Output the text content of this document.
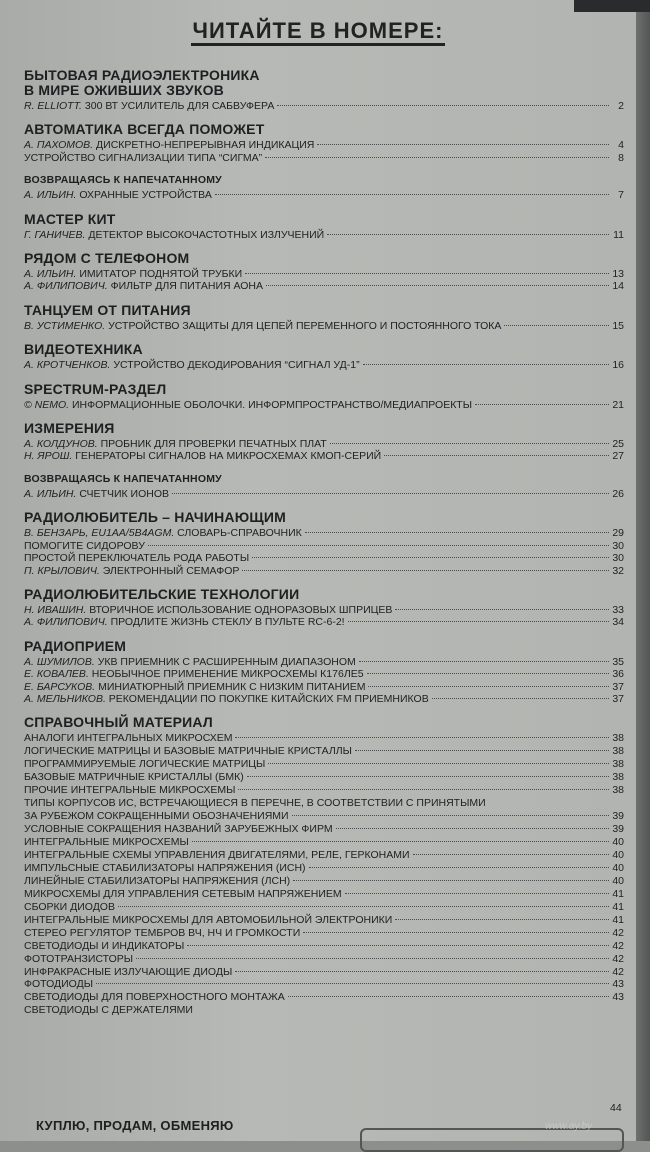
ЧИТАЙТЕ В НОМЕРЕ:
БЫТОВАЯ РАДИОЭЛЕКТРОНИКА
В МИРЕ ОЖИВШИХ ЗВУКОВ
R. ELLIOTT. 300 ВТ УСИЛИТЕЛЬ ДЛЯ САБВУФЕРА	2
АВТОМАТИКА ВСЕГДА ПОМОЖЕТ
А. ПАХОМОВ. ДИСКРЕТНО-НЕПРЕРЫВНАЯ ИНДИКАЦИЯ	4
УСТРОЙСТВО СИГНАЛИЗАЦИИ ТИПА “СИГМА”	8
ВОЗВРАЩАЯСЬ К НАПЕЧАТАННОМУ
А. ИЛЬИН. ОХРАННЫЕ УСТРОЙСТВА	7
МАСТЕР КИТ
Г. ГАНИЧЕВ. ДЕТЕКТОР ВЫСОКОЧАСТОТНЫХ ИЗЛУЧЕНИЙ	11
РЯДОМ С ТЕЛЕФОНОМ
А. ИЛЬИН. ИМИТАТОР ПОДНЯТОЙ ТРУБКИ	13
А. ФИЛИПОВИЧ. ФИЛЬТР ДЛЯ ПИТАНИЯ АОНА	14
ТАНЦУЕМ ОТ ПИТАНИЯ
В. УСТИМЕНКО. УСТРОЙСТВО ЗАЩИТЫ ДЛЯ ЦЕПЕЙ ПЕРЕМЕННОГО И ПОСТОЯННОГО ТОКА	15
ВИДЕОТЕХНИКА
А. КРОТЧЕНКОВ. УСТРОЙСТВО ДЕКОДИРОВАНИЯ “СИГНАЛ УД-1”	16
SPECTRUM-РАЗДЕЛ
© NEMO. ИНФОРМАЦИОННЫЕ ОБОЛОЧКИ. ИНФОРМПРОСТРАНСТВО/МЕДИАПРОЕКТЫ	21
ИЗМЕРЕНИЯ
А. КОЛДУНОВ. ПРОБНИК ДЛЯ ПРОВЕРКИ ПЕЧАТНЫХ ПЛАТ	25
Н. ЯРОШ. ГЕНЕРАТОРЫ СИГНАЛОВ НА МИКРОСХЕМАХ КМОП-СЕРИЙ	27
ВОЗВРАЩАЯСЬ К НАПЕЧАТАННОМУ
А. ИЛЬИН. СЧЕТЧИК ИОНОВ	26
РАДИОЛЮБИТЕЛЬ – НАЧИНАЮЩИМ
В. БЕНЗАРЬ, EU1AA/5B4AGM. СЛОВАРЬ-СПРАВОЧНИК	29
ПОМОГИТЕ СИДОРОВУ	30
ПРОСТОЙ ПЕРЕКЛЮЧАТЕЛЬ РОДА РАБОТЫ	30
П. КРЫЛОВИЧ. ЭЛЕКТРОННЫЙ СЕМАФОР	32
РАДИОЛЮБИТЕЛЬСКИЕ ТЕХНОЛОГИИ
Н. ИВАШИН. ВТОРИЧНОЕ ИСПОЛЬЗОВАНИЕ ОДНОРАЗОВЫХ ШПРИЦЕВ	33
А. ФИЛИПОВИЧ. ПРОДЛИТЕ ЖИЗНЬ СТЕКЛУ В ПУЛЬТЕ RC-6-2!	34
РАДИОПРИЕМ
А. ШУМИЛОВ. УКВ ПРИЕМНИК С РАСШИРЕННЫМ ДИАПАЗОНОМ	35
Е. КОВАЛЕВ. НЕОБЫЧНОЕ ПРИМЕНЕНИЕ МИКРОСХЕМЫ К176ЛЕ5	36
Е. БАРСУКОВ. МИНИАТЮРНЫЙ ПРИЕМНИК С НИЗКИМ ПИТАНИЕМ	37
А. МЕЛЬНИКОВ. РЕКОМЕНДАЦИИ ПО ПОКУПКЕ КИТАЙСКИХ FM ПРИЕМНИКОВ	37
СПРАВОЧНЫЙ МАТЕРИАЛ
АНАЛОГИ ИНТЕГРАЛЬНЫХ МИКРОСХЕМ	38
ЛОГИЧЕСКИЕ МАТРИЦЫ И БАЗОВЫЕ МАТРИЧНЫЕ КРИСТАЛЛЫ	38
ПРОГРАММИРУЕМЫЕ ЛОГИЧЕСКИЕ МАТРИЦЫ	38
БАЗОВЫЕ МАТРИЧНЫЕ КРИСТАЛЛЫ (БМК)	38
ПРОЧИЕ ИНТЕГРАЛЬНЫЕ МИКРОСХЕМЫ	38
ТИПЫ КОРПУСОВ ИС, ВСТРЕЧАЮЩИЕСЯ В ПЕРЕЧНЕ, В СООТВЕТСТВИИ С ПРИНЯТЫМИ
ЗА РУБЕЖОМ СОКРАЩЕННЫМИ ОБОЗНАЧЕНИЯМИ	39
УСЛОВНЫЕ СОКРАЩЕНИЯ НАЗВАНИЙ ЗАРУБЕЖНЫХ ФИРМ	39
ИНТЕГРАЛЬНЫЕ МИКРОСХЕМЫ	40
ИНТЕГРАЛЬНЫЕ СХЕМЫ УПРАВЛЕНИЯ ДВИГАТЕЛЯМИ, РЕЛЕ, ГЕРКОНАМИ	40
ИМПУЛЬСНЫЕ СТАБИЛИЗАТОРЫ НАПРЯЖЕНИЯ (ИСН)	40
ЛИНЕЙНЫЕ СТАБИЛИЗАТОРЫ НАПРЯЖЕНИЯ (ЛСН)	40
МИКРОСХЕМЫ ДЛЯ УПРАВЛЕНИЯ СЕТЕВЫМ НАПРЯЖЕНИЕМ	41
СБОРКИ ДИОДОВ	41
ИНТЕГРАЛЬНЫЕ МИКРОСХЕМЫ ДЛЯ АВТОМОБИЛЬНОЙ ЭЛЕКТРОНИКИ	41
СТЕРЕО РЕГУЛЯТОР ТЕМБРОВ ВЧ, НЧ И ГРОМКОСТИ	42
СВЕТОДИОДЫ И ИНДИКАТОРЫ	42
ФОТОТРАНЗИСТОРЫ	42
ИНФРАКРАСНЫЕ ИЗЛУЧАЮЩИЕ ДИОДЫ	42
ФОТОДИОДЫ	43
СВЕТОДИОДЫ ДЛЯ ПОВЕРХНОСТНОГО МОНТАЖА	43
СВЕТОДИОДЫ С ДЕРЖАТЕЛЯМИ
КУПЛЮ, ПРОДАМ, ОБМЕНЯЮ
44
www.ay.by
